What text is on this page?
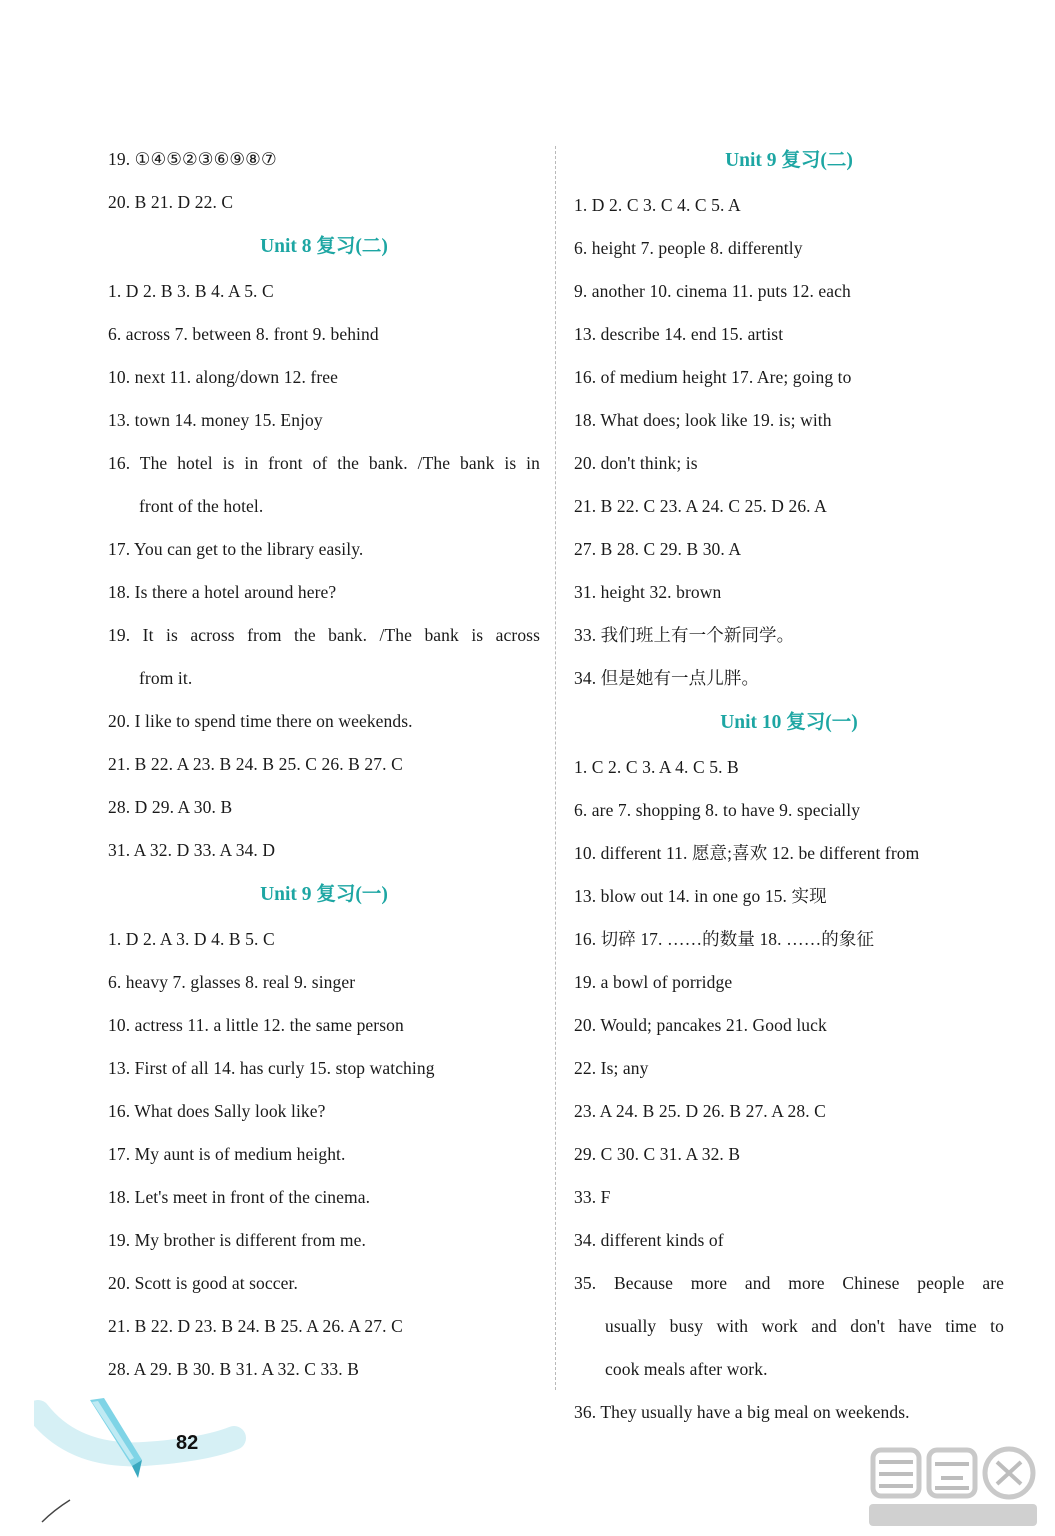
19. ①④⑤②③⑥⑨⑧⑦
20. B 21. D 22. C
Unit 8 复习(二)
1. D 2. B 3. B 4. A 5. C
6. across 7. between 8. front 9. behind
10. next 11. along/down 12. free
13. town 14. money 15. Enjoy
16. The hotel is in front of the bank. /The bank is in
front of the hotel.
17. You can get to the library easily.
18. Is there a hotel around here?
19. It is across from the bank. /The bank is across
from it.
20. I like to spend time there on weekends.
21. B 22. A 23. B 24. B 25. C 26. B 27. C
28. D 29. A 30. B
31. A 32. D 33. A 34. D
Unit 9 复习(一)
1. D 2. A 3. D 4. B 5. C
6. heavy 7. glasses 8. real 9. singer
10. actress 11. a little 12. the same person
13. First of all 14. has curly 15. stop watching
16. What does Sally look like?
17. My aunt is of medium height.
18. Let's meet in front of the cinema.
19. My brother is different from me.
20. Scott is good at soccer.
21. B 22. D 23. B 24. B 25. A 26. A 27. C
28. A 29. B 30. B 31. A 32. C 33. B
Unit 9 复习(二)
1. D 2. C 3. C 4. C 5. A
6. height 7. people 8. differently
9. another 10. cinema 11. puts 12. each
13. describe 14. end 15. artist
16. of medium height 17. Are; going to
18. What does; look like 19. is; with
20. don't think; is
21. B 22. C 23. A 24. C 25. D 26. A
27. B 28. C 29. B 30. A
31. height 32. brown
33. 我们班上有一个新同学。
34. 但是她有一点儿胖。
Unit 10 复习(一)
1. C 2. C 3. A 4. C 5. B
6. are 7. shopping 8. to have 9. specially
10. different 11. 愿意;喜欢 12. be different from
13. blow out 14. in one go 15. 实现
16. 切碎 17. ……的数量 18. ……的象征
19. a bowl of porridge
20. Would; pancakes 21. Good luck
22. Is; any
23. A 24. B 25. D 26. B 27. A 28. C
29. C 30. C 31. A 32. B
33. F
34. different kinds of
35. Because more and more Chinese people are
usually busy with work and don't have time to
cook meals after work.
36. They usually have a big meal on weekends.
82
